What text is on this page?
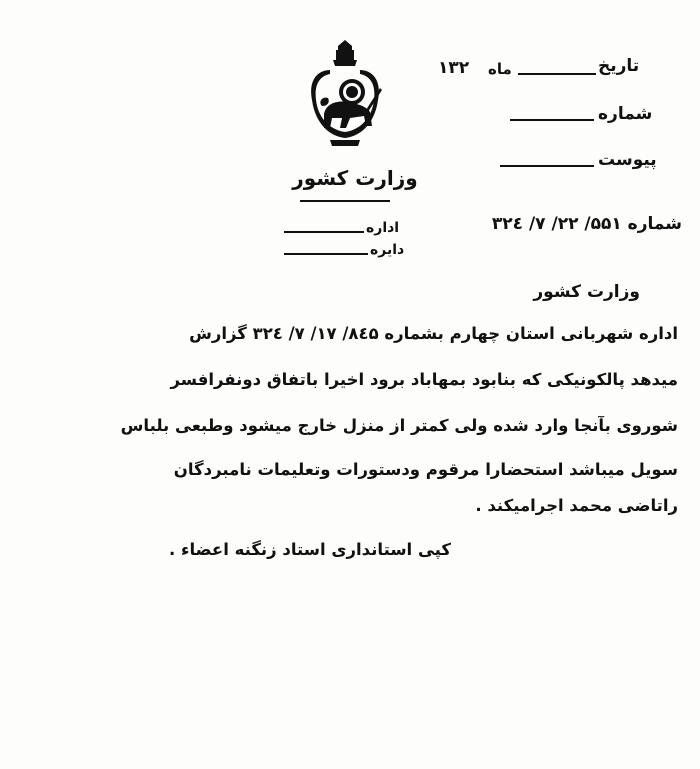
وزارت کشور
تاریخ
ماه
۱۳۲
شماره
پیوست
اداره
دایره
شماره ۵۵۱/ ۲۲/ ۷/ ۳۲٤
وزارت کشور
اداره شهربانی استان چهارم بشماره ۸٤۵/ ۱۷/ ۷/ ۳۲٤ گزارش
میدهد پالکونیکی که بنابود بمهاباد برود اخیرا باتفاق دونفرافسر
شوروی بآنجا وارد شده ولی کمتر از منزل خارج میشود وطبعی بلباس
سویل میباشد استحضارا مرقوم ودستورات وتعلیمات نامبردگان
راتاضی محمد اجرامیکند .
کپی استانداری استاد زنگنه اعضاء .
